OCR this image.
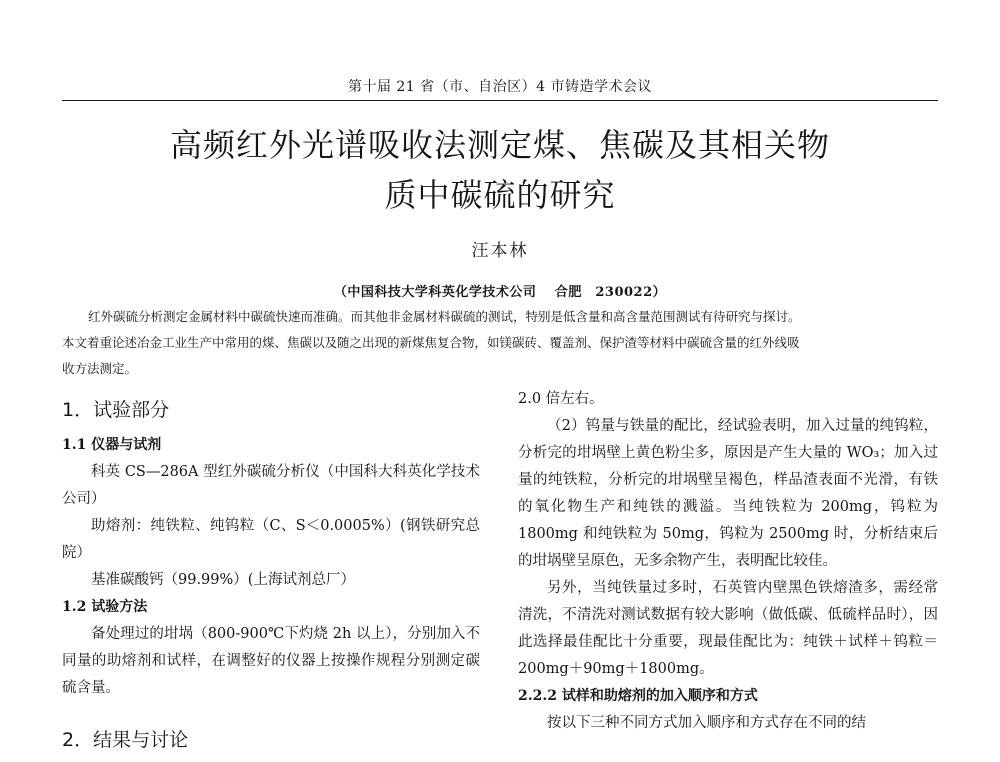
第十届 21 省（市、自治区）4 市铸造学术会议
高频红外光谱吸收法测定煤、焦碳及其相关物
质中碳硫的研究
汪本林
（中国科技大学科英化学技术公司　 合肥　230022）
红外碳硫分析测定金属材料中碳硫快速而准确。而其他非金属材料碳硫的测试，特别是低含量和高含量范围测试有待研究与探讨。
本文着重论述冶金工业生产中常用的煤、焦碳以及随之出现的新煤焦复合物，如镁碳砖、覆盖剂、保护渣等材料中碳硫含量的红外线吸
收方法测定。
1．试验部分
1.1 仪器与试剂

科英 CS—286A 型红外碳硫分析仪（中国科大科英化学技术公司）

助熔剂：纯铁粒、纯钨粒（C、S＜0.0005%）(钢铁研究总院）

基准碳酸钙（99.99%）(上海试剂总厂）

1.2 试验方法

备处理过的坩埚（800-900℃下灼烧 2h 以上），分别加入不同量的助熔剂和试样，在调整好的仪器上按操作规程分别测定碳硫含量。

2．结果与讨论

2.0 倍左右。

（2）钨量与铁量的配比，经试验表明，加入过量的纯钨粒，分析完的坩埚壁上黄色粉尘多，原因是产生大量的 WO₃；加入过量的纯铁粒，分析完的坩埚壁呈褐色，样品渣表面不光滑，有铁的氧化物生产和纯铁的溅溢。当纯铁粒为 200mg，钨粒为 1800mg 和纯铁粒为 50mg，钨粒为 2500mg 时，分析结束后的坩埚壁呈原色，无多余物产生，表明配比较佳。

另外，当纯铁量过多时，石英管内壁黑色铁熔渣多，需经常清洗，不清洗对测试数据有较大影响（做低碳、低硫样品时），因此选择最佳配比十分重要，现最佳配比为：纯铁＋试样＋钨粒＝200mg＋90mg＋1800mg。

2.2.2 试样和助熔剂的加入顺序和方式

按以下三种不同方式加入顺序和方式存在不同的结
